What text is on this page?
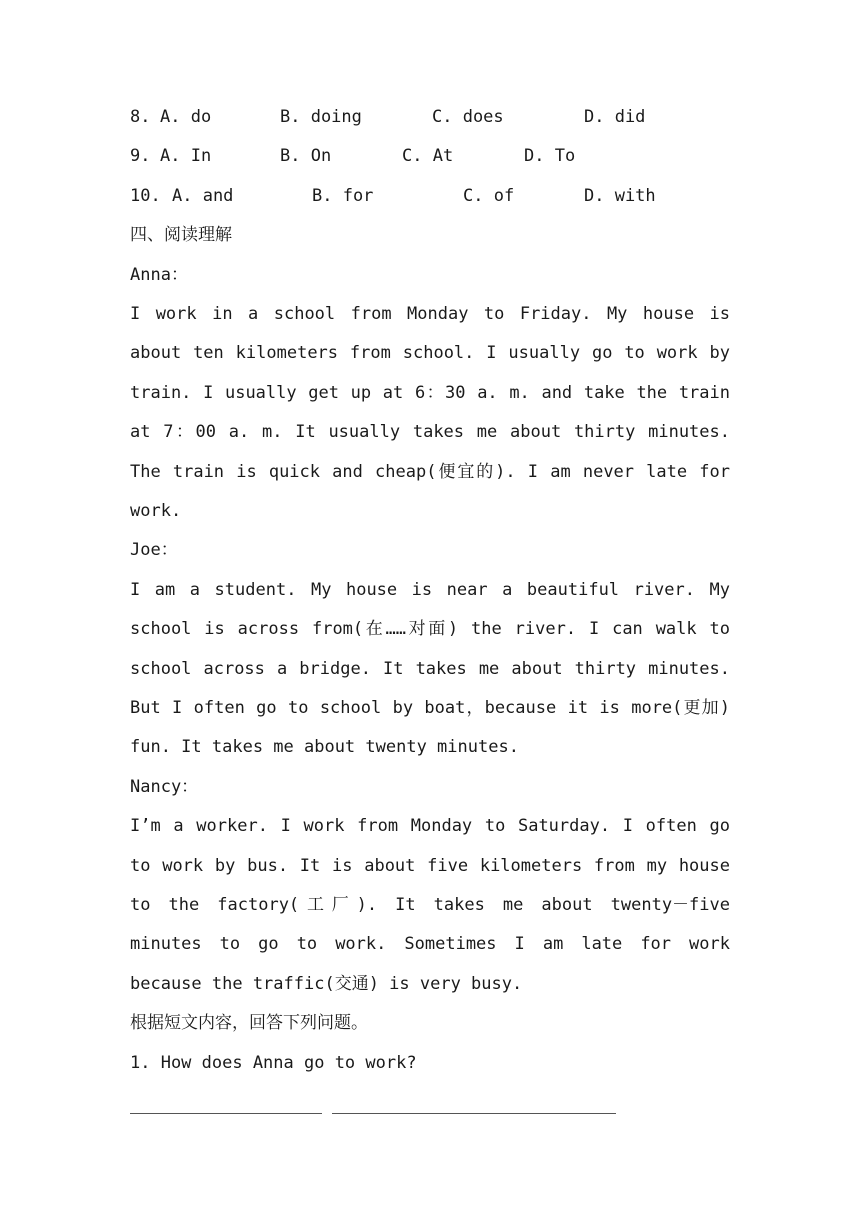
8. A. do	B. doing	C. does	D. did
9. A. In	B. On	C. At	D. To
10. A. and	B. for	C. of	D. with
四、阅读理解
Anna：

I work in a school from Monday to Friday. My house is about ten kilometers from school. I usually go to work by train. I usually get up at 6：30 a. m. and take the train at 7：00 a. m. It usually takes me about thirty minutes. The train is quick and cheap(便宜的). I am never late for work.

Joe：

I am a student. My house is near a beautiful river. My school is across from(在……对面) the river. I can walk to school across a bridge. It takes me about thirty minutes. But I often go to school by boat，because it is more(更加) fun. It takes me about twenty minutes.

Nancy：

I’m a worker. I work from Monday to Saturday. I often go to work by bus. It is about five kilometers from my house to the factory(工厂). It takes me about twenty－five minutes to go to work. Sometimes I am late for work because the traffic(交通) is very busy.

根据短文内容，回答下列问题。
1. How does Anna go to work?
